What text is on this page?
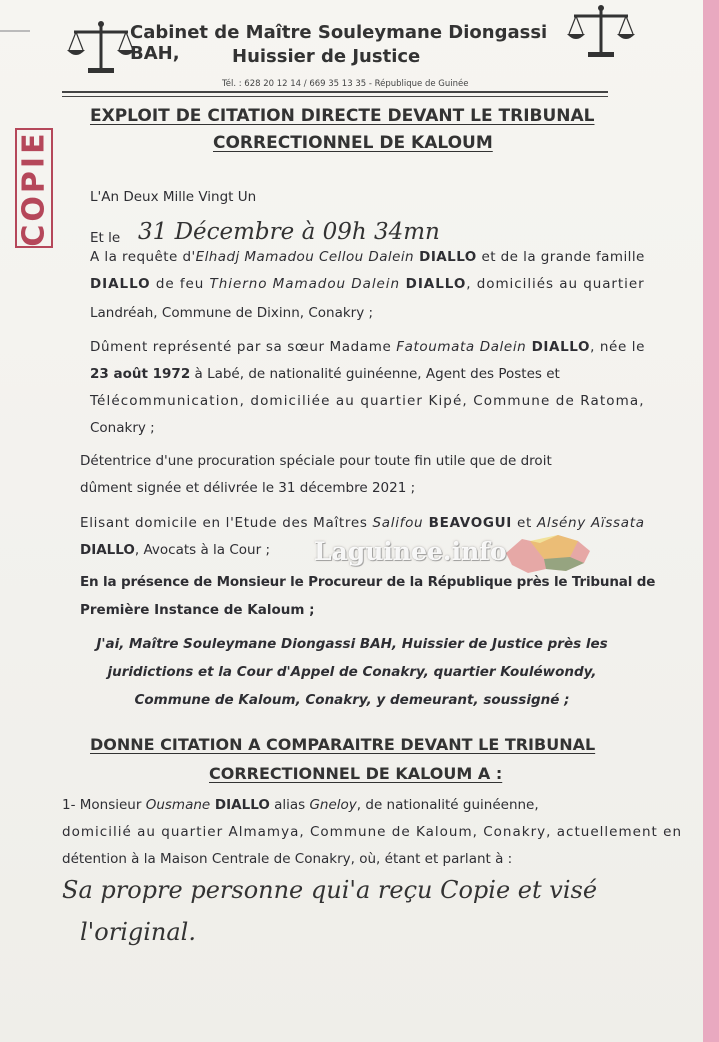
Cabinet de Maître Souleymane Diongassi BAH,	Huissier de Justice
Tél. : 628 20 12 14 / 669 35 13 35 - République de Guinée
EXPLOIT DE CITATION DIRECTE DEVANT LE TRIBUNAL
CORRECTIONNEL DE KALOUM
COPIE	L'An Deux Mille Vingt Un
Et le 31 Décembre à 09h 34mn
A la requête d'Elhadj Mamadou Cellou Dalein DIALLO et de la grande famille
DIALLO de feu Thierno Mamadou Dalein DIALLO, domiciliés au quartier
Landréah, Commune de Dixinn, Conakry ;
Dûment représenté par sa sœur Madame Fatoumata Dalein DIALLO, née le
23 août 1972 à Labé, de nationalité guinéenne, Agent des Postes et
Télécommunication, domiciliée au quartier Kipé, Commune de Ratoma,
Conakry ;
Détentrice d'une procuration spéciale pour toute fin utile que de droit
dûment signée et délivrée le 31 décembre 2021 ;
Elisant domicile en l'Etude des Maîtres Salifou BEAVOGUI et Alsény Aïssata
DIALLO, Avocats à la Cour ;
En la présence de Monsieur le Procureur de la République près le Tribunal de
Première Instance de Kaloum ;
J'ai, Maître Souleymane Diongassi BAH, Huissier de Justice près les
juridictions et la Cour d'Appel de Conakry, quartier Kouléwondy,
Commune de Kaloum, Conakry, y demeurant, soussigné ;
DONNE CITATION A COMPARAITRE DEVANT LE TRIBUNAL
CORRECTIONNEL DE KALOUM A :
1- Monsieur Ousmane DIALLO alias Gneloy, de nationalité guinéenne,
domicilié au quartier Almamya, Commune de Kaloum, Conakry, actuellement en
détention à la Maison Centrale de Conakry, où, étant et parlant à :
Sa propre personne qui'a reçu Copie et visé
l'original.
Laguinee.info
